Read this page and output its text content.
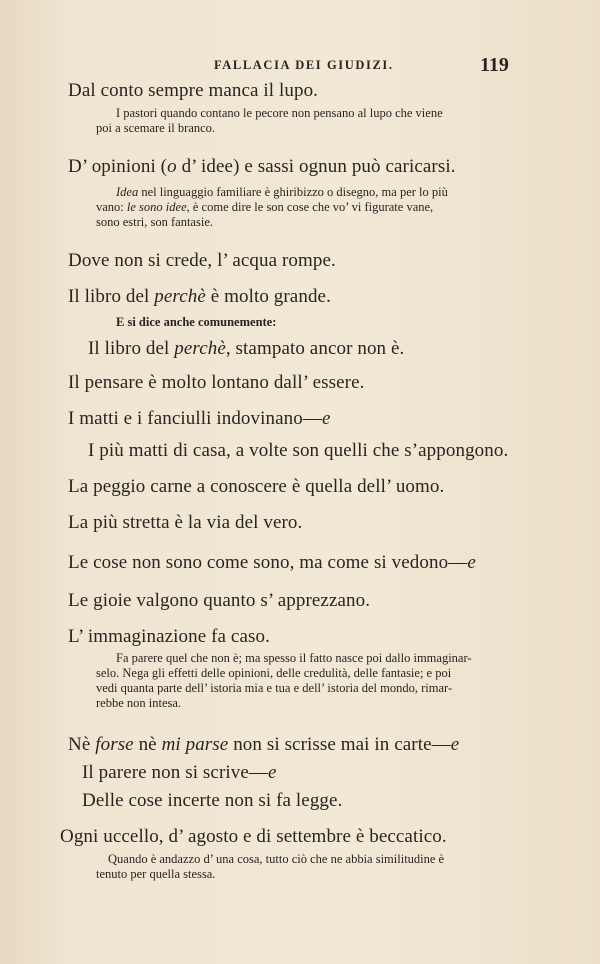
FALLACIA DEI GIUDIZI.	119
Dal conto sempre manca il lupo.
I pastori quando contano le pecore non pensano al lupo che viene
poi a scemare il branco.
D’ opinioni (o d’ idee) e sassi ognun può caricarsi.
Idea nel linguaggio familiare è ghiribizzo o disegno, ma per lo più
vano: le sono idee, è come dire le son cose che vo’ vi figurate vane,
sono estri, son fantasie.
Dove non si crede, l’ acqua rompe.
Il libro del perchè è molto grande.
E si dice anche comunemente:
Il libro del perchè, stampato ancor non è.
Il pensare è molto lontano dall’ essere.
I matti e i fanciulli indovinano—e
I più matti di casa, a volte son quelli che s’appongono.
La peggio carne a conoscere è quella dell’ uomo.
La più stretta è la via del vero.
Le cose non sono come sono, ma come si vedono—e
Le gioie valgono quanto s’ apprezzano.
L’ immaginazione fa caso.
Fa parere quel che non è; ma spesso il fatto nasce poi dallo immaginar-
selo. Nega gli effetti delle opinioni, delle credulità, delle fantasie; e poi
vedi quanta parte dell’ istoria mia e tua e dell’ istoria del mondo, rimar-
rebbe non intesa.
Nè forse nè mi parse non si scrisse mai in carte—e
Il parere non si scrive—e
Delle cose incerte non si fa legge.
Ogni uccello, d’ agosto e di settembre è beccatico.
Quando è andazzo d’ una cosa, tutto ciò che ne abbia similitudine è
tenuto per quella stessa.
